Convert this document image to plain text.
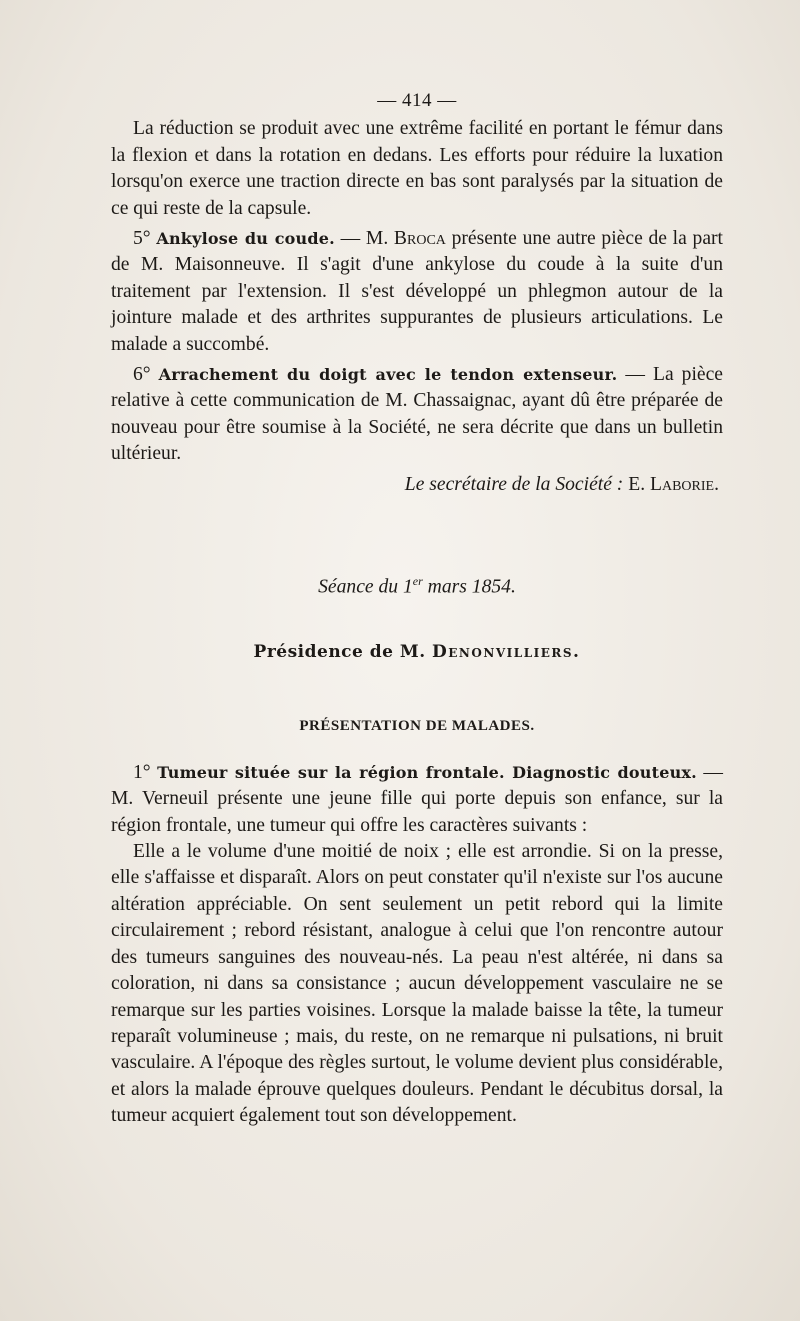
— 414 —

La réduction se produit avec une extrême facilité en portant le fémur dans la flexion et dans la rotation en dedans. Les efforts pour réduire la luxation lorsqu'on exerce une traction directe en bas sont paralysés par la situation de ce qui reste de la capsule.

5° Ankylose du coude. — M. Broca présente une autre pièce de la part de M. Maisonneuve. Il s'agit d'une ankylose du coude à la suite d'un traitement par l'extension. Il s'est développé un phlegmon autour de la jointure malade et des arthrites suppurantes de plusieurs articulations. Le malade a succombé.

6° Arrachement du doigt avec le tendon extenseur. — La pièce relative à cette communication de M. Chassaignac, ayant dû être préparée de nouveau pour être soumise à la Société, ne sera décrite que dans un bulletin ultérieur.

Le secrétaire de la Société : E. Laborie.
Séance du 1er mars 1854.
Présidence de M. Denonvilliers.
PRÉSENTATION DE MALADES.

1° Tumeur située sur la région frontale. Diagnostic douteux. — M. Verneuil présente une jeune fille qui porte depuis son enfance, sur la région frontale, une tumeur qui offre les caractères suivants :

Elle a le volume d'une moitié de noix ; elle est arrondie. Si on la presse, elle s'affaisse et disparaît. Alors on peut constater qu'il n'existe sur l'os aucune altération appréciable. On sent seulement un petit rebord qui la limite circulairement ; rebord résistant, analogue à celui que l'on rencontre autour des tumeurs sanguines des nouveau-nés. La peau n'est altérée, ni dans sa coloration, ni dans sa consistance ; aucun développement vasculaire ne se remarque sur les parties voisines. Lorsque la malade baisse la tête, la tumeur reparaît volumineuse ; mais, du reste, on ne remarque ni pulsations, ni bruit vasculaire. A l'époque des règles surtout, le volume devient plus considérable, et alors la malade éprouve quelques douleurs. Pendant le décubitus dorsal, la tumeur acquiert également tout son développement.
